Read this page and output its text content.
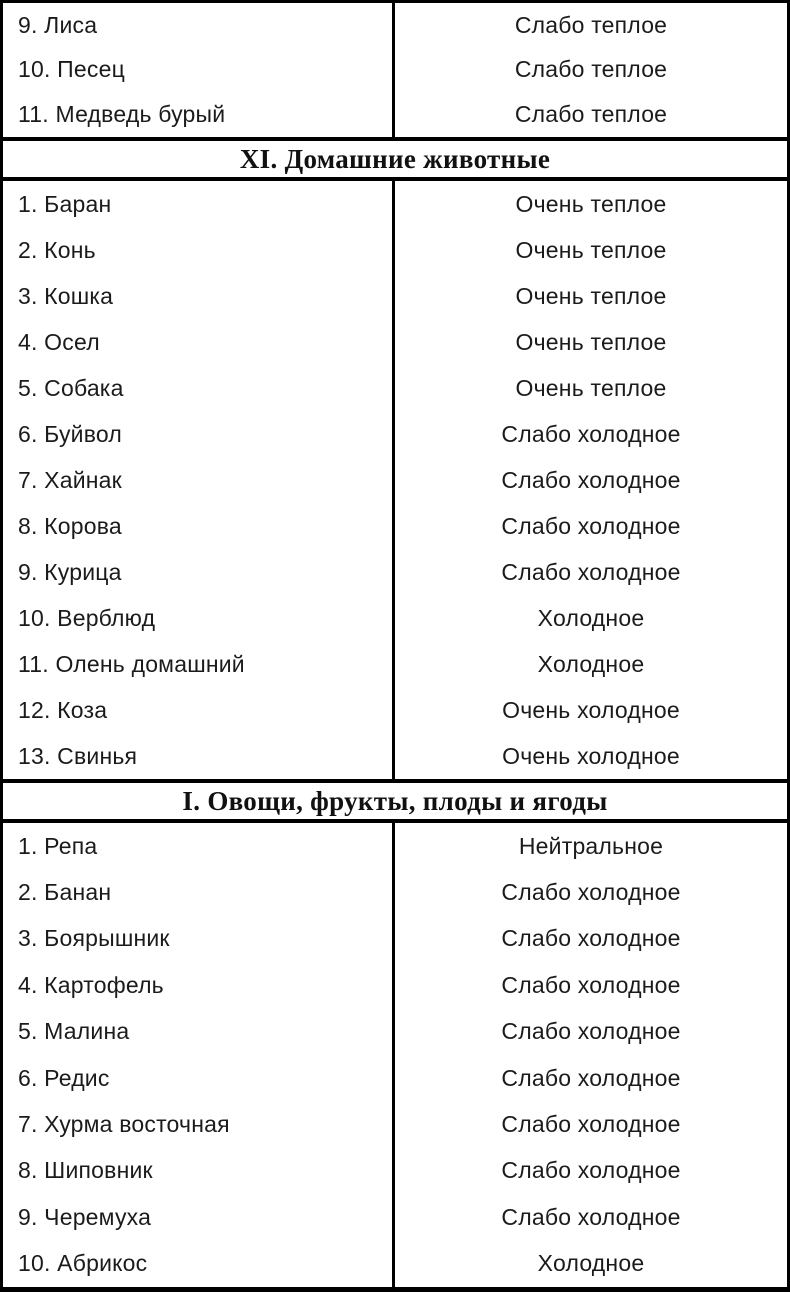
9. Лиса	Слабо теплое
10. Песец	Слабо теплое
11. Медведь бурый	Слабо теплое
XI. Домашние животные
1. Баран	Очень теплое
2. Конь	Очень теплое
3. Кошка	Очень теплое
4. Осел	Очень теплое
5. Собака	Очень теплое
6. Буйвол	Слабо холодное
7. Хайнак	Слабо холодное
8. Корова	Слабо холодное
9. Курица	Слабо холодное
10. Верблюд	Холодное
11. Олень домашний	Холодное
12. Коза	Очень холодное
13. Свинья	Очень холодное
I. Овощи, фрукты, плоды и ягоды
1. Репа	Нейтральное
2. Банан	Слабо холодное
3. Боярышник	Слабо холодное
4. Картофель	Слабо холодное
5. Малина	Слабо холодное
6. Редис	Слабо холодное
7. Хурма восточная	Слабо холодное
8. Шиповник	Слабо холодное
9. Черемуха	Слабо холодное
10. Абрикос	Холодное
